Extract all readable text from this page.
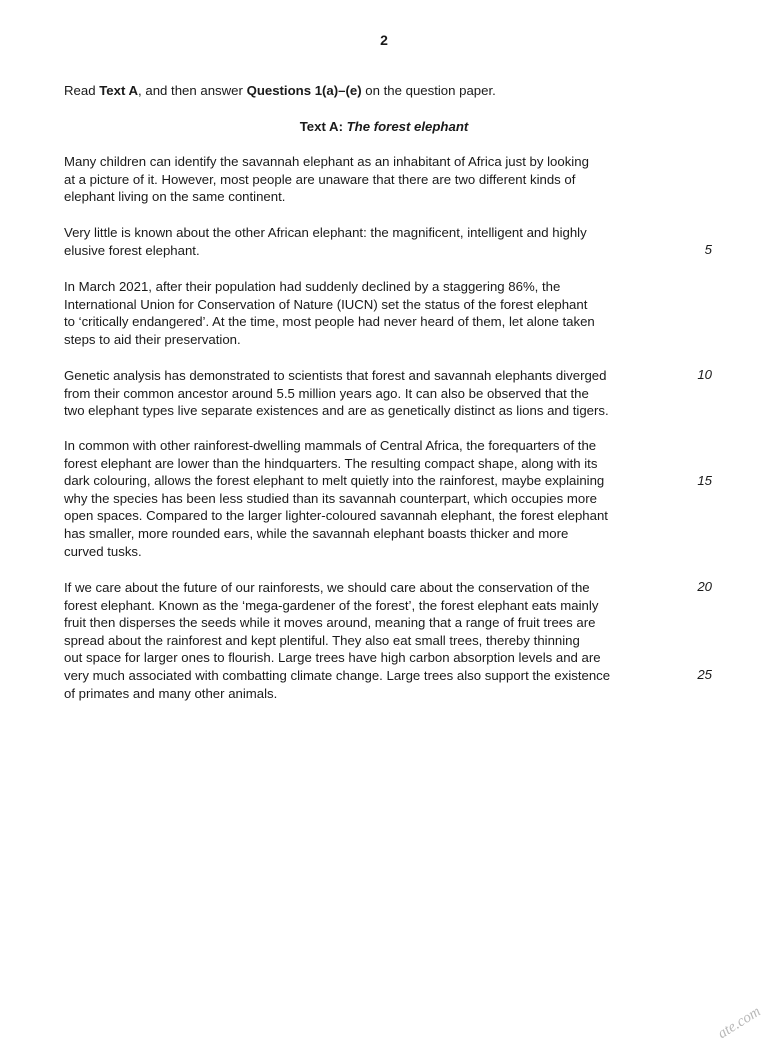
2
Read Text A, and then answer Questions 1(a)–(e) on the question paper.
Text A: The forest elephant
Many children can identify the savannah elephant as an inhabitant of Africa just by looking
at a picture of it. However, most people are unaware that there are two different kinds of
elephant living on the same continent.
Very little is known about the other African elephant: the magnificent, intelligent and highly
elusive forest elephant.
In March 2021, after their population had suddenly declined by a staggering 86%, the
International Union for Conservation of Nature (IUCN) set the status of the forest elephant
to ‘critically endangered’. At the time, most people had never heard of them, let alone taken
steps to aid their preservation.
Genetic analysis has demonstrated to scientists that forest and savannah elephants diverged
from their common ancestor around 5.5 million years ago. It can also be observed that the
two elephant types live separate existences and are as genetically distinct as lions and tigers.
In common with other rainforest-dwelling mammals of Central Africa, the forequarters of the
forest elephant are lower than the hindquarters. The resulting compact shape, along with its
dark colouring, allows the forest elephant to melt quietly into the rainforest, maybe explaining
why the species has been less studied than its savannah counterpart, which occupies more
open spaces. Compared to the larger lighter-coloured savannah elephant, the forest elephant
has smaller, more rounded ears, while the savannah elephant boasts thicker and more
curved tusks.
If we care about the future of our rainforests, we should care about the conservation of the
forest elephant. Known as the ‘mega-gardener of the forest’, the forest elephant eats mainly
fruit then disperses the seeds while it moves around, meaning that a range of fruit trees are
spread about the rainforest and kept plentiful. They also eat small trees, thereby thinning
out space for larger ones to flourish. Large trees have high carbon absorption levels and are
very much associated with combatting climate change. Large trees also support the existence
of primates and many other animals.
5
10
15
20
25
ate.com
